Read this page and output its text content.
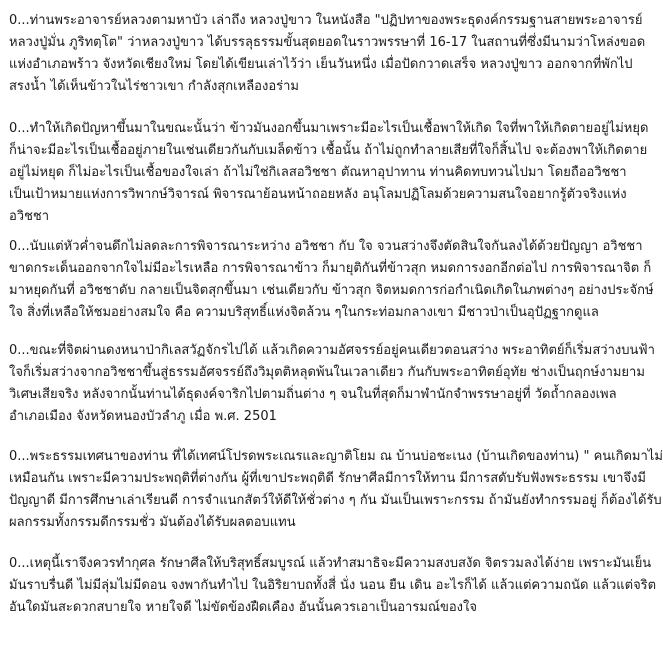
0...ท่านพระอาจารย์หลวงตามหาบัว เล่าถึง หลวงปู่ขาว ในหนังสือ "ปฏิปทาของพระธุดงค์กรรมฐานสายพระอาจารย์
หลวงปู่มั่น ภูริทตฺโต" ว่าหลวงปู่ขาว ได้บรรลุธรรมขั้นสุดยอดในราวพรรษาที่ 16-17 ในสถานที่ซึ่งมีนามว่าโหล่งขอด
แห่งอำเภอพร้าว จังหวัดเชียงใหม่ โดยได้เขียนเล่าไว้ว่า เย็นวันหนึ่ง เมื่อปัดกวาดเสร็จ หลวงปู่ขาว ออกจากที่พักไป
สรงน้ำ ได้เห็นข้าวในไร่ชาวเขา กำลังสุกเหลืองอร่าม
0...ทำให้เกิดปัญหาขึ้นมาในขณะนั้นว่า ข้าวมันงอกขึ้นมาเพราะมีอะไรเป็นเชื้อพาให้เกิด ใจที่พาให้เกิดตายอยู่ไม่หยุด
ก็น่าจะมีอะไรเป็นเชื้ออยู่ภายในเช่นเดียวกันกับเมล็ดข้าว เชื้อนั้น ถ้าไม่ถูกทำลายเสียที่ใจก็สิ้นไป จะต้องพาให้เกิดตาย
อยู่ไม่หยุด ก็ไม่อะไรเป็นเชื้อของใจเล่า ถ้าไม่ใช่กิเลสอวิชชา ตัณหาอุปาทาน ท่านคิดทบทวนไปมา โดยถืออวิชชา
เป็นเป้าหมายแห่งการวิพากษ์วิจารณ์ พิจารณาย้อนหน้าถอยหลัง อนุโลมปฏิโลมด้วยความสนใจอยากรู้ตัวจริงแห่ง
อวิชชา
0...นับแต่หัวค่ำจนดึกไม่ลดละการพิจารณาระหว่าง อวิชชา กับ ใจ จวนสว่างจึงตัดสินใจกันลงได้ด้วยปัญญา อวิชชา
ขาดกระเด็นออกจากใจไม่มีอะไรเหลือ การพิจารณาข้าว ก็มายุติกันที่ข้าวสุก หมดการงอกอีกต่อไป การพิจารณาจิต ก็
มาหยุดกันที่ อวิชชาดับ กลายเป็นจิตสุกขึ้นมา เช่นเดียวกับ ข้าวสุก จิตหมดการก่อกำเนิดเกิดในภพต่างๆ อย่างประจักษ์
ใจ สิ่งที่เหลือให้ชมอย่างสมใจ คือ ความบริสุทธิ์แห่งจิตล้วน ๆในกระท่อมกลางเขา มีชาวป่าเป็นอุปัฏฐากดูแล
0...ขณะที่จิตผ่านดงหนาป่ากิเลสวัฏจักรไปได้ แล้วเกิดความอัศจรรย์อยู่คนเดียวตอนสว่าง พระอาทิตย์ก็เริ่มสว่างบนฟ้า
ใจก็เริ่มสว่างจากอวิชชาขึ้นสู่ธรรมอัศจรรย์ถึงวิมุตติหลุดพ้นในเวลาเดียว กันกับพระอาทิตย์อุทัย ช่างเป็นฤกษ์งามยาม
วิเศษเสียจริง หลังจากนั้นท่านได้ธุดงค์จาริกไปตามถิ่นต่าง ๆ จนในที่สุดก็มาพำนักจำพรรษาอยู่ที่ วัดถ้ำกลองเพล
อำเภอเมือง จังหวัดหนองบัวลำภู เมื่อ พ.ศ. 2501
0...พระธรรมเทศนาของท่าน ที่ได้เทศน์โปรดพระเณรและญาติโยม ณ บ้านบ่อชะเนง (บ้านเกิดของท่าน) " คนเกิดมาไม่
เหมือนกัน เพราะมีความประพฤติที่ต่างกัน ผู้ที่เขาประพฤติดี รักษาศีลมีการให้ทาน มีการสดับรับฟังพระธรรม เขาจึงมี
ปัญญาดี มีการศึกษาเล่าเรียนดี การจำแนกสัตว์ให้ดีให้ชั่วต่าง ๆ กัน มันเป็นเพราะกรรม ถ้ามันยังทำกรรมอยู่ ก็ต้องได้รับ
ผลกรรมทั้งกรรมดีกรรมชั่ว มันต้องได้รับผลตอบแทน
0...เหตุนี้เราจึงควรทำกุศล รักษาศีลให้บริสุทธิ์สมบูรณ์ แล้วทำสมาธิจะมีความสงบสงัด จิตรวมลงได้ง่าย เพราะมันเย็น
มันราบรื่นดี ไม่มีลุ่มไม่มีดอน จงพากันทำไป ในอิริยาบถทั้งสี่ นั่ง นอน ยืน เดิน อะไรก็ได้ แล้วแต่ความถนัด แล้วแต่จริต
อันใดมันสะดวกสบายใจ หายใจดี ไม่ขัดข้องฝืดเคือง อันนั้นควรเอาเป็นอารมณ์ของใจ
